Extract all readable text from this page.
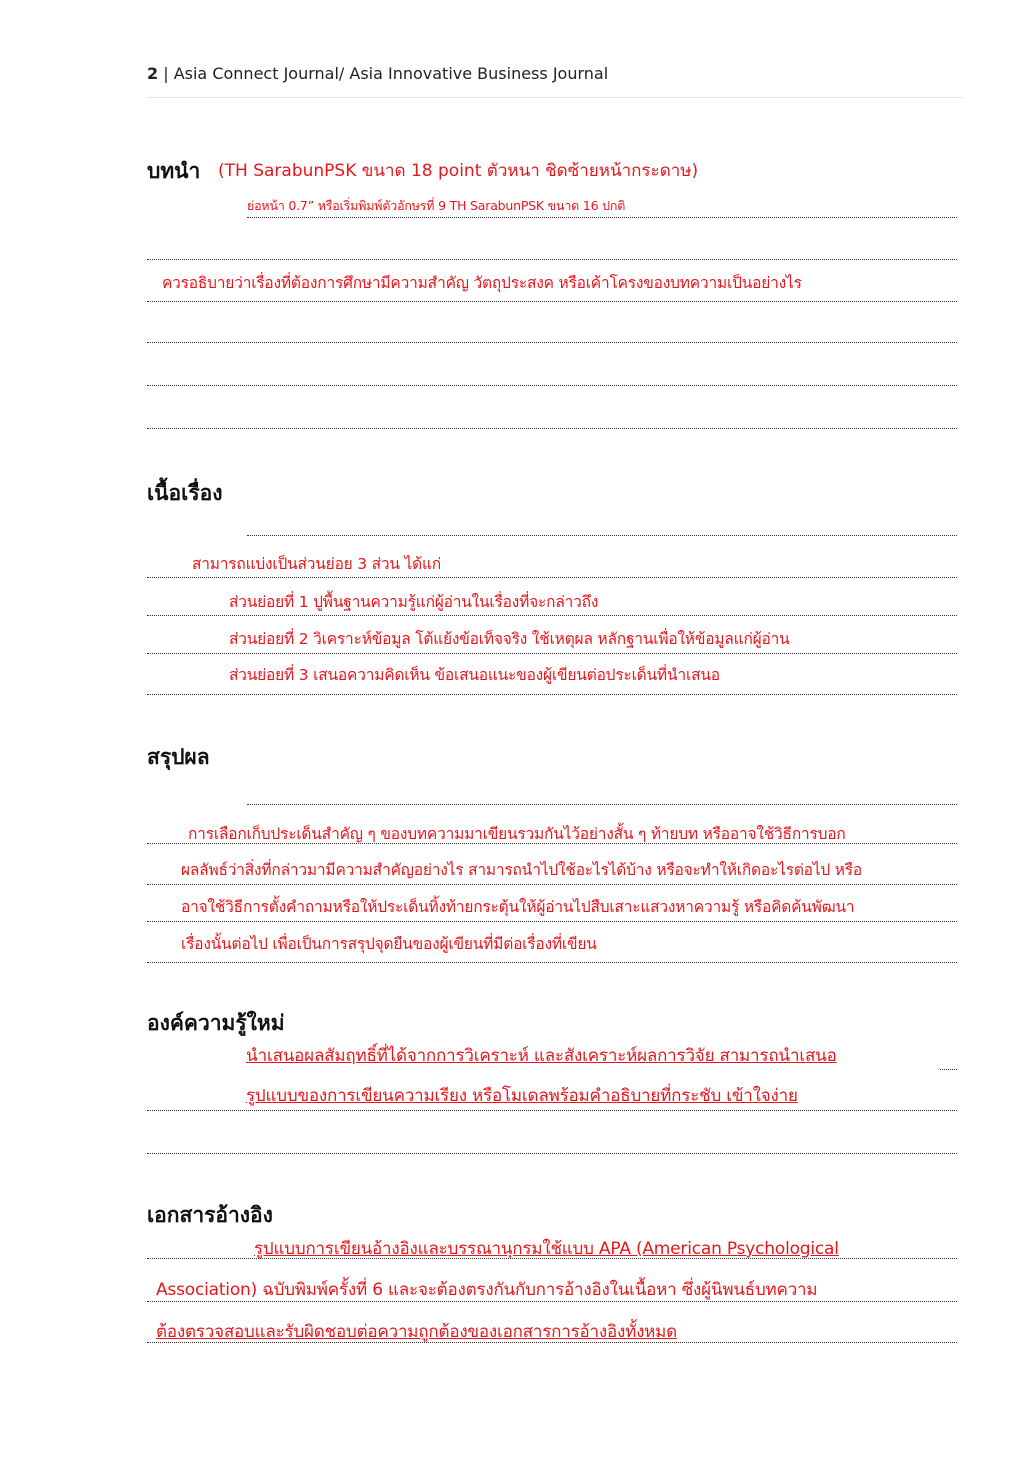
2 | Asia Connect Journal/ Asia Innovative Business Journal
บทนำ (TH SarabunPSK ขนาด 18 point ตัวหนา ชิดซ้ายหน้ากระดาษ)
ย่อหน้า 0.7” หรือเริ่มพิมพ์ตัวอักษรที่ 9 TH SarabunPSK ขนาด 16 ปกติ
ควรอธิบายว่าเรื่องที่ต้องการศึกษามีความสำคัญ วัตถุประสงค หรือเค้าโครงของบทความเป็นอย่างไร
เนื้อเรื่อง
สามารถแบ่งเป็นส่วนย่อย 3 ส่วน ได้แก่
ส่วนย่อยที่ 1 ปูพื้นฐานความรู้แก่ผู้อ่านในเรื่องที่จะกล่าวถึง
ส่วนย่อยที่ 2 วิเคราะห์ข้อมูล โต้แย้งข้อเท็จจริง ใช้เหตุผล หลักฐานเพื่อให้ข้อมูลแก่ผู้อ่าน
ส่วนย่อยที่ 3 เสนอความคิดเห็น ข้อเสนอแนะของผู้เขียนต่อประเด็นที่นำเสนอ
สรุปผล
การเลือกเก็บประเด็นสำคัญ ๆ ของบทความมาเขียนรวมกันไว้อย่างสั้น ๆ ท้ายบท หรืออาจใช้วิธีการบอก
ผลลัพธ์ว่าสิ่งที่กล่าวมามีความสำคัญอย่างไร สามารถนำไปใช้อะไรได้บ้าง หรือจะทำให้เกิดอะไรต่อไป หรือ
อาจใช้วิธีการตั้งคำถามหรือให้ประเด็นทิ้งท้ายกระตุ้นให้ผู้อ่านไปสืบเสาะแสวงหาความรู้ หรือคิดค้นพัฒนา
เรื่องนั้นต่อไป เพื่อเป็นการสรุปจุดยืนของผู้เขียนที่มีต่อเรื่องที่เขียน
องค์ความรู้ใหม่
นำเสนอผลสัมฤทธิ์ที่ได้จากการวิเคราะห์ และสังเคราะห์ผลการวิจัย สามารถนำเสนอ
รูปแบบของการเขียนความเรียง หรือโมเดลพร้อมคำอธิบายที่กระชับ เข้าใจง่าย
เอกสารอ้างอิง
รูปแบบการเขียนอ้างอิงและบรรณานุกรมใช้แบบ APA (American Psychological
Association) ฉบับพิมพ์ครั้งที่ 6 และจะต้องตรงกันกับการอ้างอิงในเนื้อหา ซึ่งผู้นิพนธ์บทความ
ต้องตรวจสอบและรับผิดชอบต่อความถูกต้องของเอกสารการอ้างอิงทั้งหมด
